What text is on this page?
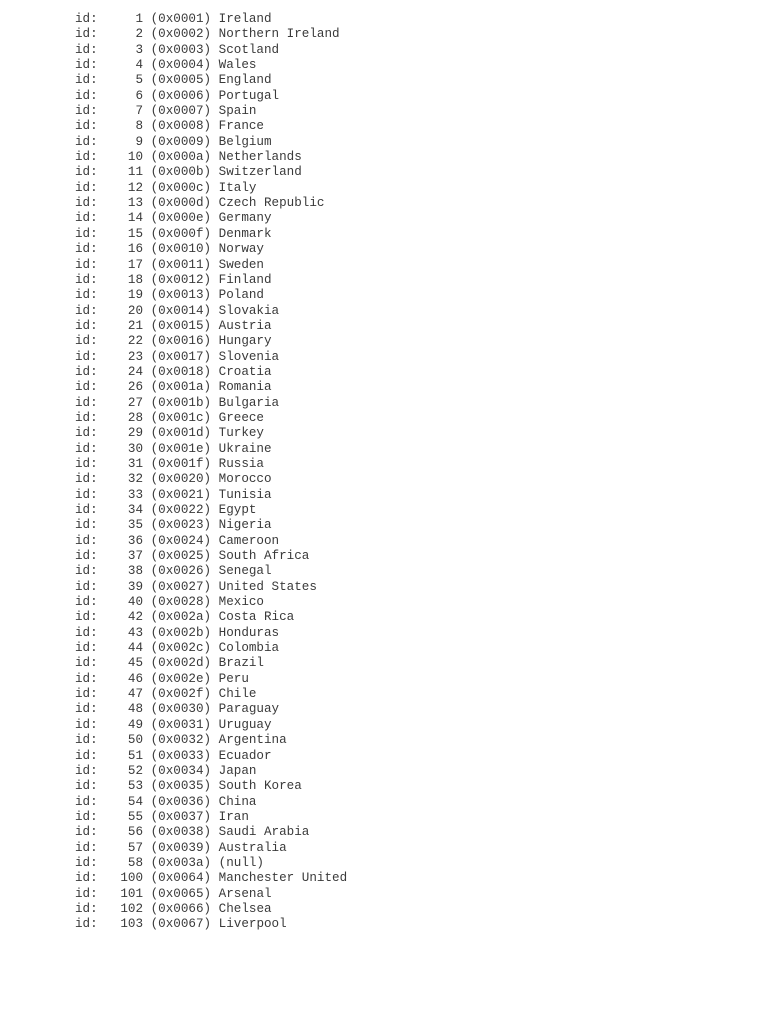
id:	1 (0x0001) Ireland
id:	2 (0x0002) Northern Ireland
id:	3 (0x0003) Scotland
id:	4 (0x0004) Wales
id:	5 (0x0005) England
id:	6 (0x0006) Portugal
id:	7 (0x0007) Spain
id:	8 (0x0008) France
id:	9 (0x0009) Belgium
id: 10 (0x000a) Netherlands
id: 11 (0x000b) Switzerland
id: 12 (0x000c) Italy
id: 13 (0x000d) Czech Republic
id: 14 (0x000e) Germany
id: 15 (0x000f) Denmark
id: 16 (0x0010) Norway
id: 17 (0x0011) Sweden
id: 18 (0x0012) Finland
id: 19 (0x0013) Poland
id: 20 (0x0014) Slovakia
id: 21 (0x0015) Austria
id: 22 (0x0016) Hungary
id: 23 (0x0017) Slovenia
id: 24 (0x0018) Croatia
id: 26 (0x001a) Romania
id: 27 (0x001b) Bulgaria
id: 28 (0x001c) Greece
id: 29 (0x001d) Turkey
id: 30 (0x001e) Ukraine
id: 31 (0x001f) Russia
id: 32 (0x0020) Morocco
id: 33 (0x0021) Tunisia
id: 34 (0x0022) Egypt
id: 35 (0x0023) Nigeria
id: 36 (0x0024) Cameroon
id: 37 (0x0025) South Africa
id: 38 (0x0026) Senegal
id: 39 (0x0027) United States
id: 40 (0x0028) Mexico
id: 42 (0x002a) Costa Rica
id: 43 (0x002b) Honduras
id: 44 (0x002c) Colombia
id: 45 (0x002d) Brazil
id: 46 (0x002e) Peru
id: 47 (0x002f) Chile
id: 48 (0x0030) Paraguay
id: 49 (0x0031) Uruguay
id: 50 (0x0032) Argentina
id: 51 (0x0033) Ecuador
id: 52 (0x0034) Japan
id: 53 (0x0035) South Korea
id: 54 (0x0036) China
id: 55 (0x0037) Iran
id: 56 (0x0038) Saudi Arabia
id: 57 (0x0039) Australia
id: 58 (0x003a) (null)
id: 100 (0x0064) Manchester United
id: 101 (0x0065) Arsenal
id: 102 (0x0066) Chelsea
id: 103 (0x0067) Liverpool
